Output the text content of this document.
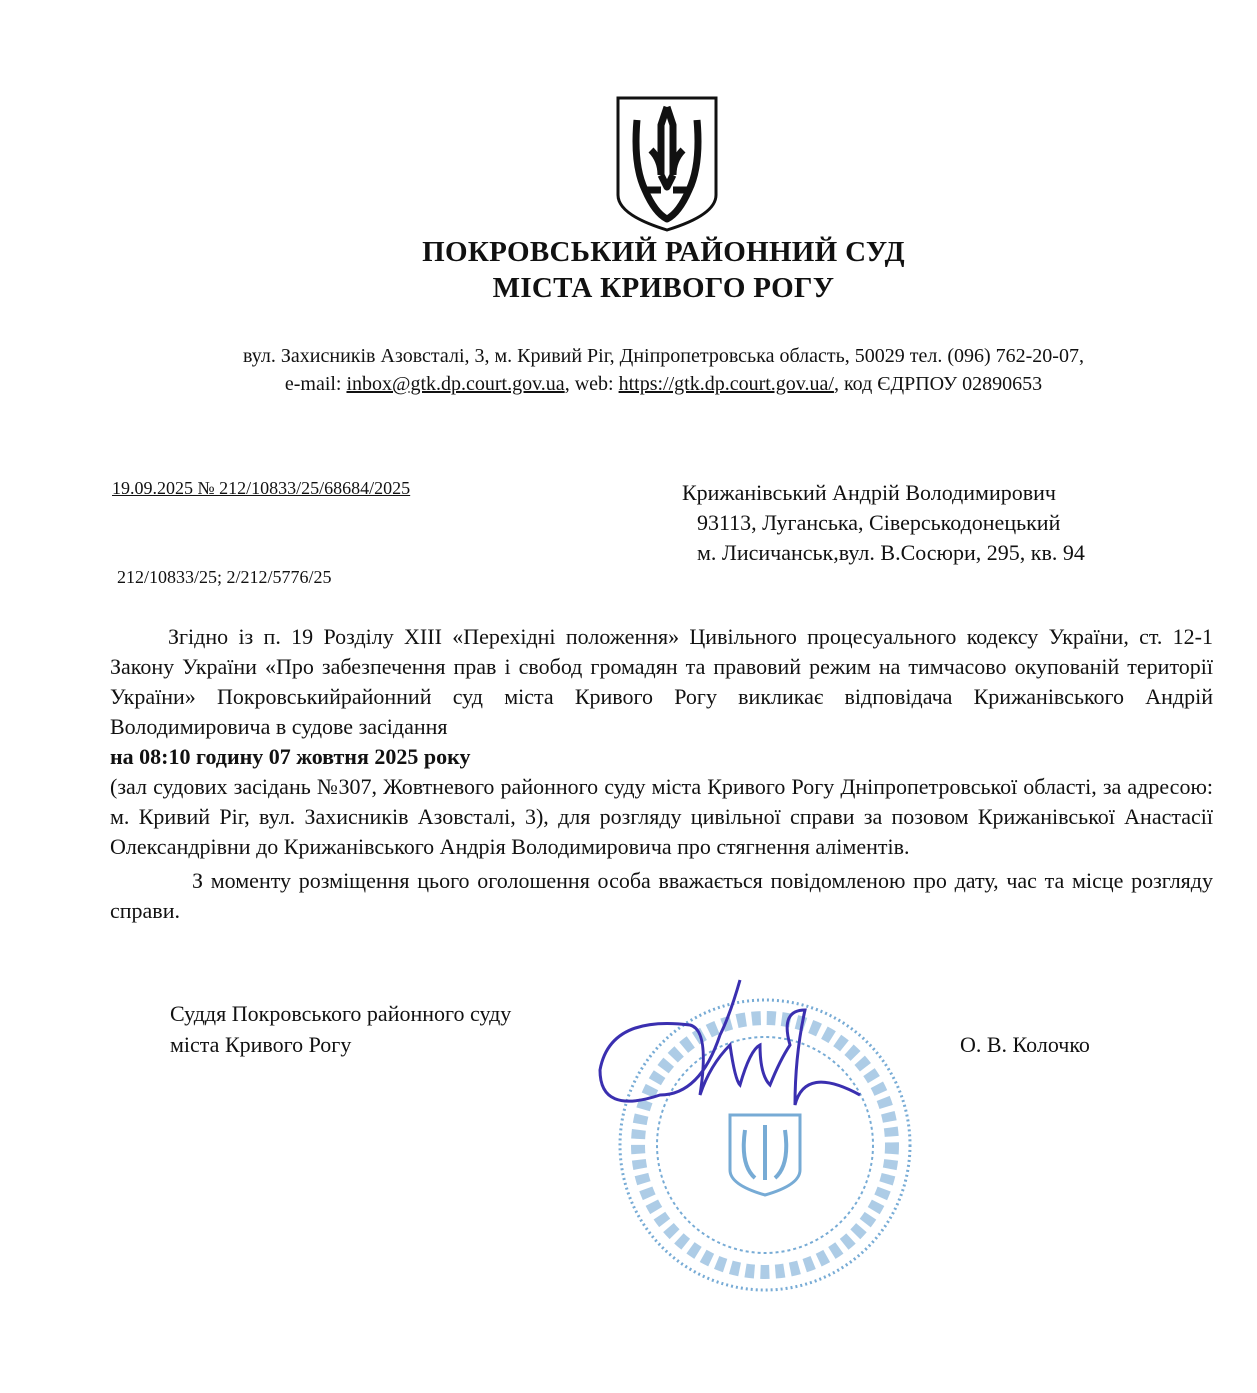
ПОКРОВСЬКИЙ РАЙОННИЙ СУД
МІСТА КРИВОГО РОГУ
вул. Захисників Азовсталі, 3, м. Кривий Ріг, Дніпропетровська область, 50029 тел. (096) 762-20-07,
e-mail: inbox@gtk.dp.court.gov.ua, web: https://gtk.dp.court.gov.ua/, код ЄДРПОУ 02890653
19.09.2025 № 212/10833/25/68684/2025
212/10833/25; 2/212/5776/25
Крижанівський Андрій Володимирович
93113, Луганська, Сіверськодонецький
м. Лисичанськ,вул. В.Сосюри, 295, кв. 94
Згідно із п. 19 Розділу XIII «Перехідні положення» Цивільного процесуального кодексу України, ст. 12-1 Закону України «Про забезпечення прав і свобод громадян та правовий режим на тимчасово окупованій території України» Покровськийрайонний суд міста Кривого Рогу викликає відповідача Крижанівського Андрій Володимировича в судове засідання
на 08:10 годину 07 жовтня 2025 року
(зал судових засідань №307, Жовтневого районного суду міста Кривого Рогу Дніпропетровської області, за адресою: м. Кривий Ріг, вул. Захисників Азовсталі, 3), для розгляду цивільної справи за позовом Крижанівської Анастасії Олександрівни до Крижанівського Андрія Володимировича про стягнення аліментів.
З моменту розміщення цього оголошення особа вважається повідомленою про дату, час та місце розгляду справи.
Суддя Покровського районного суду
міста Кривого Рогу	О. В. Колочко
